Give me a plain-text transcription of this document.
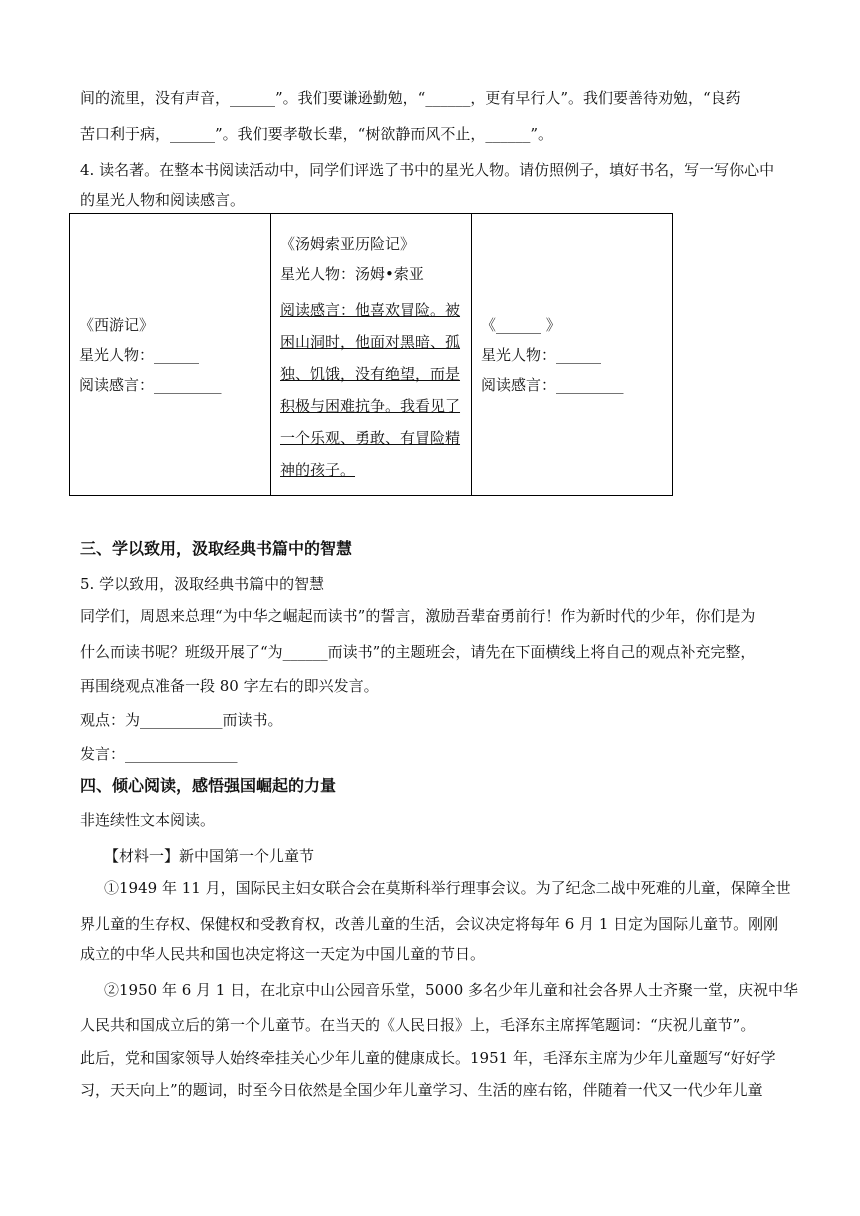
间的流里，没有声音，______”。我们要谦逊勤勉，“______，更有早行人”。我们要善待劝勉，“良药
苦口利于病，______”。我们要孝敬长辈，“树欲静而风不止，______”。
4. 读名著。在整本书阅读活动中，同学们评选了书中的星光人物。请仿照例子，填好书名，写一写你心中
的星光人物和阅读感言。
《西游记》
星光人物：______
阅读感言：_________

《汤姆索亚历险记》
星光人物：汤姆•索亚
阅读感言：他喜欢冒险。被
困山洞时，他面对黑暗、孤
独、饥饿，没有绝望，而是
积极与困难抗争。我看见了
一个乐观、勇敢、有冒险精
神的孩子。

《______ 》
星光人物：______
阅读感言：_________
三、学以致用，汲取经典书篇中的智慧
5. 学以致用，汲取经典书篇中的智慧
同学们，周恩来总理“为中华之崛起而读书”的誓言，激励吾辈奋勇前行！作为新时代的少年，你们是为
什么而读书呢？班级开展了“为______而读书”的主题班会，请先在下面横线上将自己的观点补充完整，
再围绕观点准备一段 80 字左右的即兴发言。
观点：为___________而读书。
发言：_______________
四、倾心阅读，感悟强国崛起的力量
非连续性文本阅读。
【材料一】新中国第一个儿童节
①1949 年 11 月，国际民主妇女联合会在莫斯科举行理事会议。为了纪念二战中死难的儿童，保障全世
界儿童的生存权、保健权和受教育权，改善儿童的生活，会议决定将每年 6 月 1 日定为国际儿童节。刚刚
成立的中华人民共和国也决定将这一天定为中国儿童的节日。
②1950 年 6 月 1 日，在北京中山公园音乐堂，5000 多名少年儿童和社会各界人士齐聚一堂，庆祝中华
人民共和国成立后的第一个儿童节。在当天的《人民日报》上，毛泽东主席挥笔题词：“庆祝儿童节”。
此后，党和国家领导人始终牵挂关心少年儿童的健康成长。1951 年，毛泽东主席为少年儿童题写“好好学
习，天天向上”的题词，时至今日依然是全国少年儿童学习、生活的座右铭，伴随着一代又一代少年儿童
